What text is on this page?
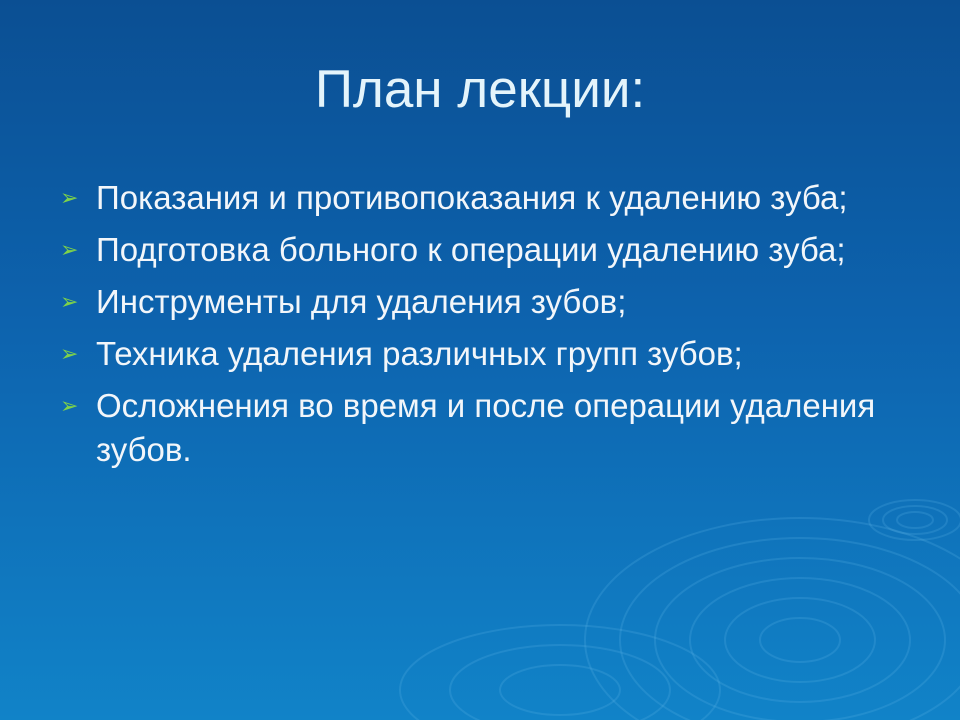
План лекции:
➢ Показания и противопоказания к удалению зуба;
➢ Подготовка больного к операции удалению зуба;
➢ Инструменты для удаления зубов;
➢ Техника удаления различных групп зубов;
➢ Осложнения во время и после операции удаления зубов.
